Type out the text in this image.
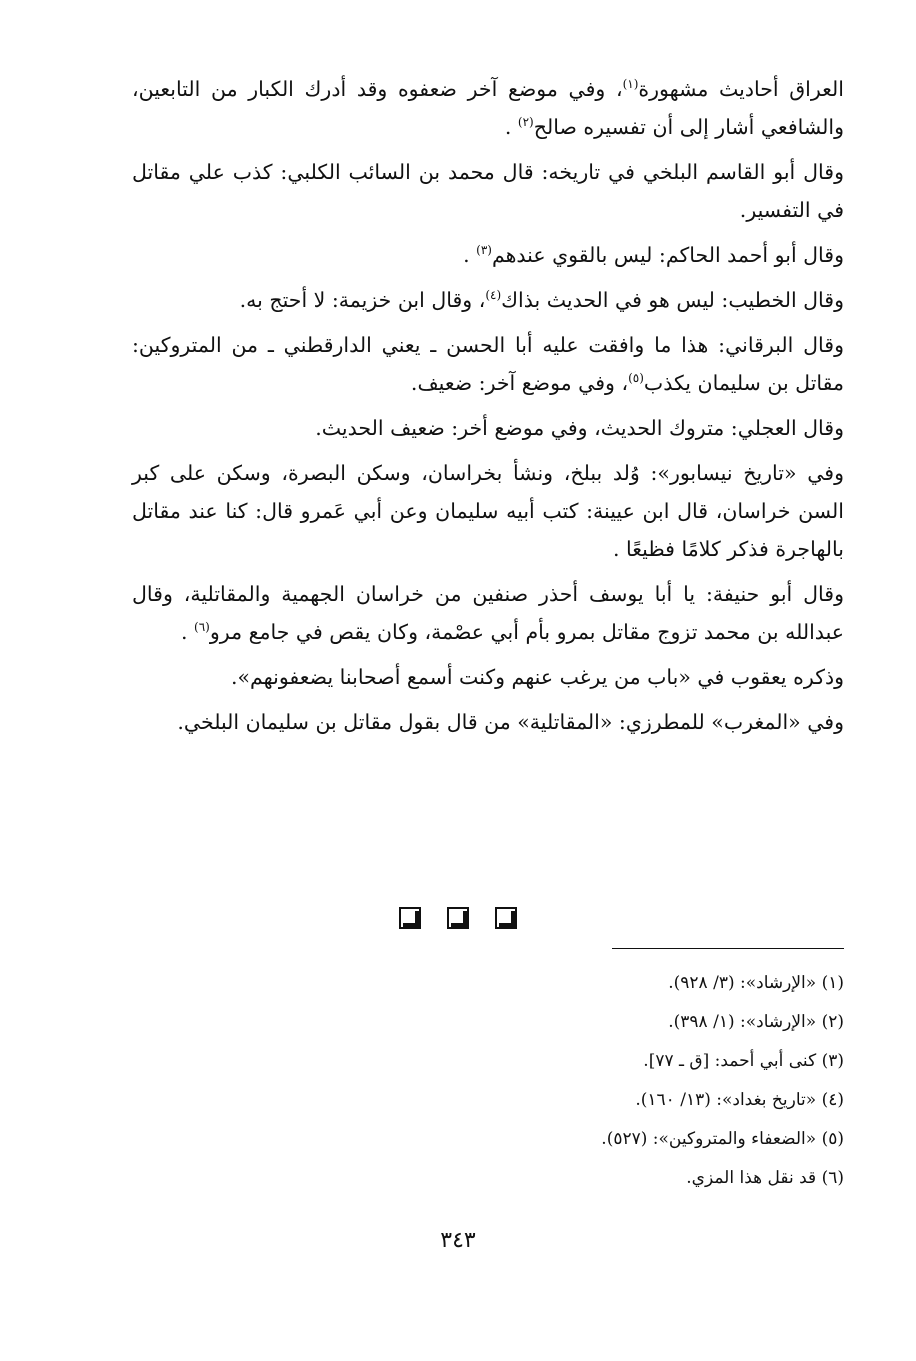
العراق أحاديث مشهورة$^{(١)}$، وفي موضع آخر ضعفوه وقد أدرك الكبار من التابعين، والشافعي أشار إلى أن تفسيره صالح$^{(٢)}$ .

وقال أبو القاسم البلخي في تاريخه: قال محمد بن السائب الكلبي: كذب علي مقاتل في التفسير.

وقال أبو أحمد الحاكم: ليس بالقوي عندهم$^{(٣)}$ .

وقال الخطيب: ليس هو في الحديث بذاك$^{(٤)}$، وقال ابن خزيمة: لا أحتج به.

وقال البرقاني: هذا ما وافقت عليه أبا الحسن ـ يعني الدارقطني ـ من المتروكين: مقاتل بن سليمان يكذب$^{(٥)}$، وفي موضع آخر: ضعيف.

وقال العجلي: متروك الحديث، وفي موضع أخر: ضعيف الحديث.

وفي «تاريخ نيسابور»: وُلد ببلخ، ونشأ بخراسان، وسكن البصرة، وسكن على كبر السن خراسان، قال ابن عيينة: كتب أبيه سليمان وعن أبي عَمرو قال: كنا عند مقاتل بالهاجرة فذكر كلامًا فظيعًا .

وقال أبو حنيفة: يا أبا يوسف أحذر صنفين من خراسان الجهمية والمقاتلية، وقال عبدالله بن محمد تزوج مقاتل بمرو بأم أبي عصْمة، وكان يقص في جامع مرو$^{(٦)}$ .

وذكره يعقوب في «باب من يرغب عنهم وكنت أسمع أصحابنا يضعفونهم».

وفي «المغرب» للمطرزي: «المقاتلية» من قال بقول مقاتل بن سليمان البلخي.

(١) «الإرشاد»: (٣/ ٩٢٨).
(٢) «الإرشاد»: (١/ ٣٩٨).
(٣) كنى أبي أحمد: [ق ـ ٧٧].
(٤) «تاريخ بغداد»: (١٣/ ١٦٠).
(٥) «الضعفاء والمتروكين»: (٥٢٧).
(٦) قد نقل هذا المزي.
٣٤٣
